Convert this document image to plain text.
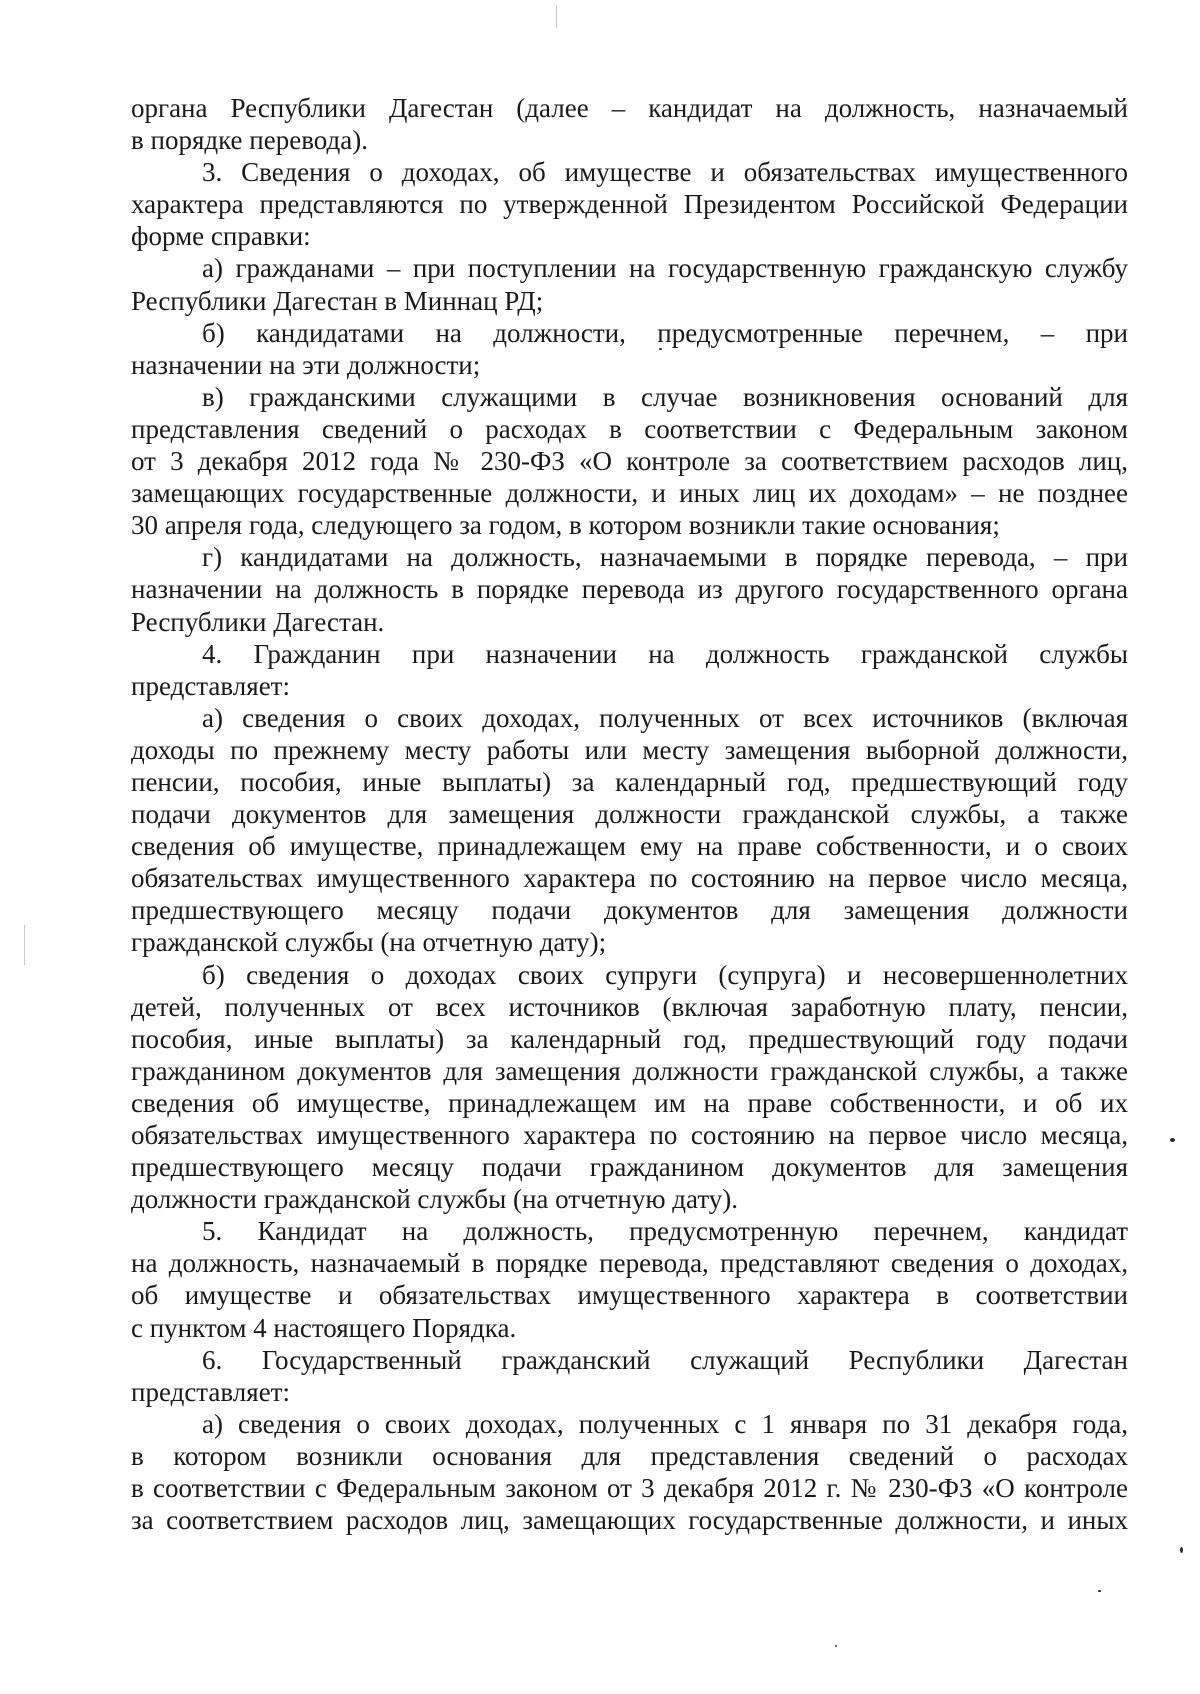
органа Республики Дагестан (далее – кандидат на должность, назначаемый
в порядке перевода).
3. Сведения о доходах, об имуществе и обязательствах имущественного
характера представляются по утвержденной Президентом Российской Федерации
форме справки:
а) гражданами – при поступлении на государственную гражданскую службу
Республики Дагестан в Миннац РД;
б) кандидатами на должности, предусмотренные перечнем, – при
назначении на эти должности;
в) гражданскими служащими в случае возникновения оснований для
представления сведений о расходах в соответствии с Федеральным законом
от 3 декабря 2012 года № 230-ФЗ «О контроле за соответствием расходов лиц,
замещающих государственные должности, и иных лиц их доходам» – не позднее
30 апреля года, следующего за годом, в котором возникли такие основания;
г) кандидатами на должность, назначаемыми в порядке перевода, – при
назначении на должность в порядке перевода из другого государственного органа
Республики Дагестан.
4. Гражданин при назначении на должность гражданской службы
представляет:
а) сведения о своих доходах, полученных от всех источников (включая
доходы по прежнему месту работы или месту замещения выборной должности,
пенсии, пособия, иные выплаты) за календарный год, предшествующий году
подачи документов для замещения должности гражданской службы, а также
сведения об имуществе, принадлежащем ему на праве собственности, и о своих
обязательствах имущественного характера по состоянию на первое число месяца,
предшествующего месяцу подачи документов для замещения должности
гражданской службы (на отчетную дату);
б) сведения о доходах своих супруги (супруга) и несовершеннолетних
детей, полученных от всех источников (включая заработную плату, пенсии,
пособия, иные выплаты) за календарный год, предшествующий году подачи
гражданином документов для замещения должности гражданской службы, а также
сведения об имуществе, принадлежащем им на праве собственности, и об их
обязательствах имущественного характера по состоянию на первое число месяца,
предшествующего месяцу подачи гражданином документов для замещения
должности гражданской службы (на отчетную дату).
5. Кандидат на должность, предусмотренную перечнем, кандидат
на должность, назначаемый в порядке перевода, представляют сведения о доходах,
об имуществе и обязательствах имущественного характера в соответствии
с пунктом 4 настоящего Порядка.
6. Государственный гражданский служащий Республики Дагестан
представляет:
а) сведения о своих доходах, полученных с 1 января по 31 декабря года,
в котором возникли основания для представления сведений о расходах
в соответствии с Федеральным законом от 3 декабря 2012 г. № 230-ФЗ «О контроле
за соответствием расходов лиц, замещающих государственные должности, и иных
